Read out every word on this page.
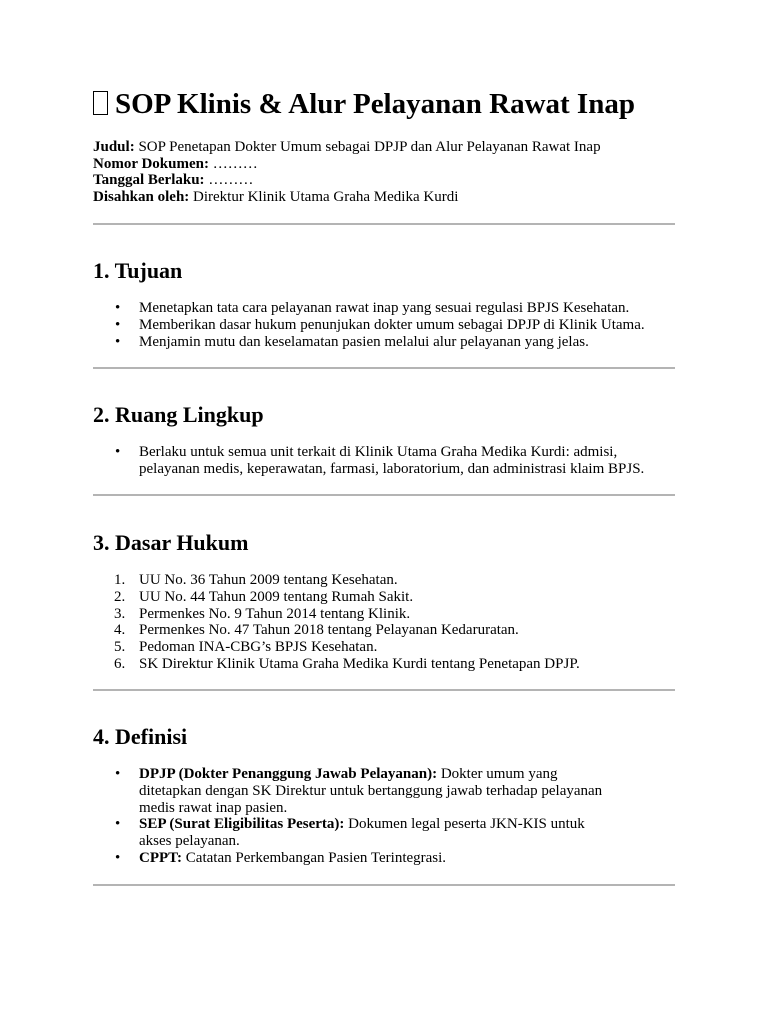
SOP Klinis & Alur Pelayanan Rawat Inap
Judul: SOP Penetapan Dokter Umum sebagai DPJP dan Alur Pelayanan Rawat Inap
Nomor Dokumen: ………
Tanggal Berlaku: ………
Disahkan oleh: Direktur Klinik Utama Graha Medika Kurdi
1. Tujuan
• Menetapkan tata cara pelayanan rawat inap yang sesuai regulasi BPJS Kesehatan.
• Memberikan dasar hukum penunjukan dokter umum sebagai DPJP di Klinik Utama.
• Menjamin mutu dan keselamatan pasien melalui alur pelayanan yang jelas.
2. Ruang Lingkup
• Berlaku untuk semua unit terkait di Klinik Utama Graha Medika Kurdi: admisi, pelayanan medis, keperawatan, farmasi, laboratorium, dan administrasi klaim BPJS.
3. Dasar Hukum
1. UU No. 36 Tahun 2009 tentang Kesehatan.
2. UU No. 44 Tahun 2009 tentang Rumah Sakit.
3. Permenkes No. 9 Tahun 2014 tentang Klinik.
4. Permenkes No. 47 Tahun 2018 tentang Pelayanan Kedaruratan.
5. Pedoman INA-CBG’s BPJS Kesehatan.
6. SK Direktur Klinik Utama Graha Medika Kurdi tentang Penetapan DPJP.
4. Definisi
• DPJP (Dokter Penanggung Jawab Pelayanan): Dokter umum yang ditetapkan dengan SK Direktur untuk bertanggung jawab terhadap pelayanan medis rawat inap pasien.
• SEP (Surat Eligibilitas Peserta): Dokumen legal peserta JKN-KIS untuk akses pelayanan.
• CPPT: Catatan Perkembangan Pasien Terintegrasi.
